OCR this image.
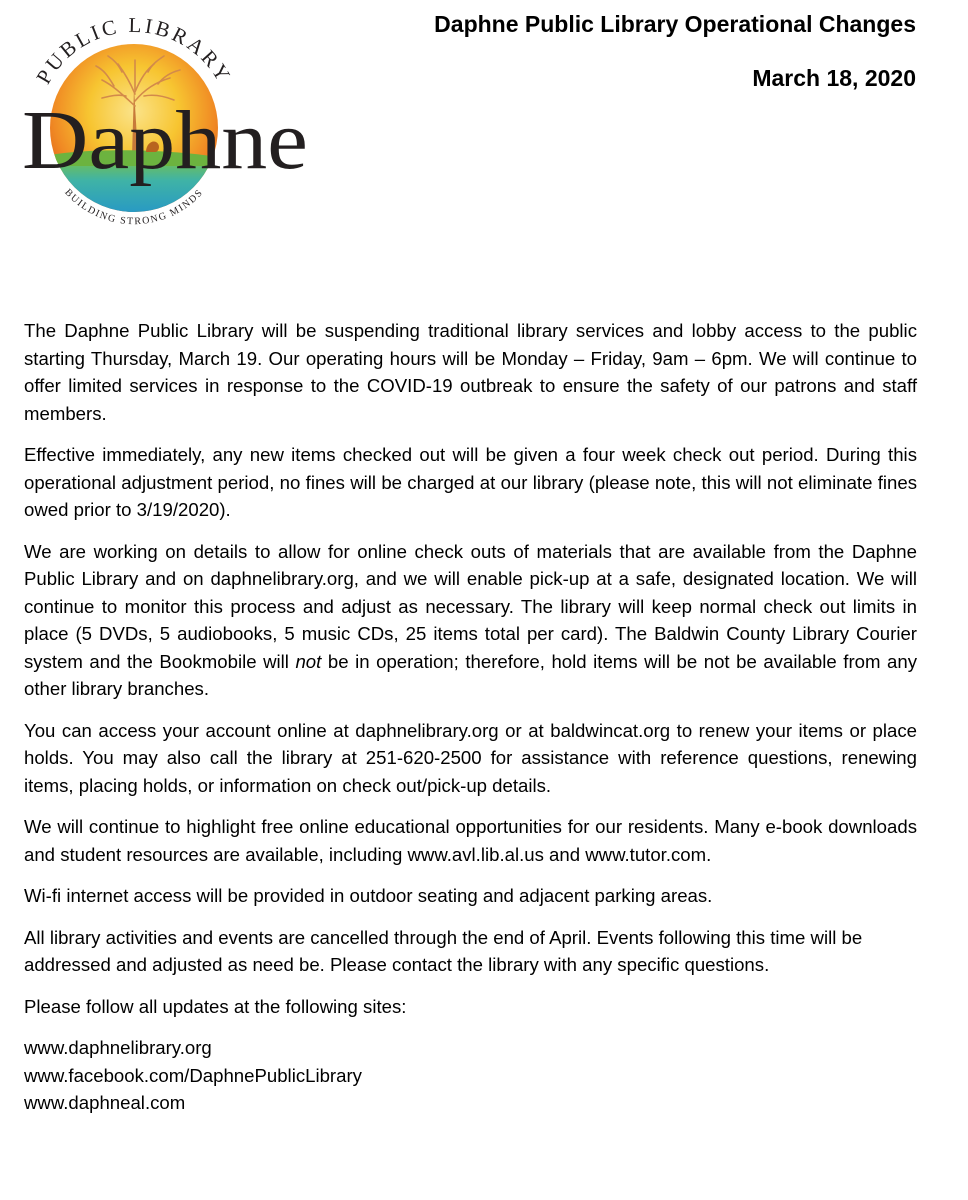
PUBLIC LIBRARY
BUILDING STRONG MINDS
Daphne
Daphne Public Library Operational Changes
March 18, 2020

The Daphne Public Library will be suspending traditional library services and lobby access to the public starting Thursday, March 19. Our operating hours will be Monday – Friday, 9am – 6pm. We will continue to offer limited services in response to the COVID-19 outbreak to ensure the safety of our patrons and staff members.

Effective immediately, any new items checked out will be given a four week check out period. During this operational adjustment period, no fines will be charged at our library (please note, this will not eliminate fines owed prior to 3/19/2020).

We are working on details to allow for online check outs of materials that are available from the Daphne Public Library and on daphnelibrary.org, and we will enable pick-up at a safe, designated location. We will continue to monitor this process and adjust as necessary. The library will keep normal check out limits in place (5 DVDs, 5 audiobooks, 5 music CDs, 25 items total per card). The Baldwin County Library Courier system and the Bookmobile will not be in operation; therefore, hold items will be not be available from any other library branches.

You can access your account online at daphnelibrary.org or at baldwincat.org to renew your items or place holds. You may also call the library at 251-620-2500 for assistance with reference questions, renewing items, placing holds, or information on check out/pick-up details.

We will continue to highlight free online educational opportunities for our residents. Many e-book downloads and student resources are available, including www.avl.lib.al.us and www.tutor.com.

Wi-fi internet access will be provided in outdoor seating and adjacent parking areas.

All library activities and events are cancelled through the end of April. Events following this time will be addressed and adjusted as need be. Please contact the library with any specific questions.

Please follow all updates at the following sites:

www.daphnelibrary.org
www.facebook.com/DaphnePublicLibrary
www.daphneal.com
